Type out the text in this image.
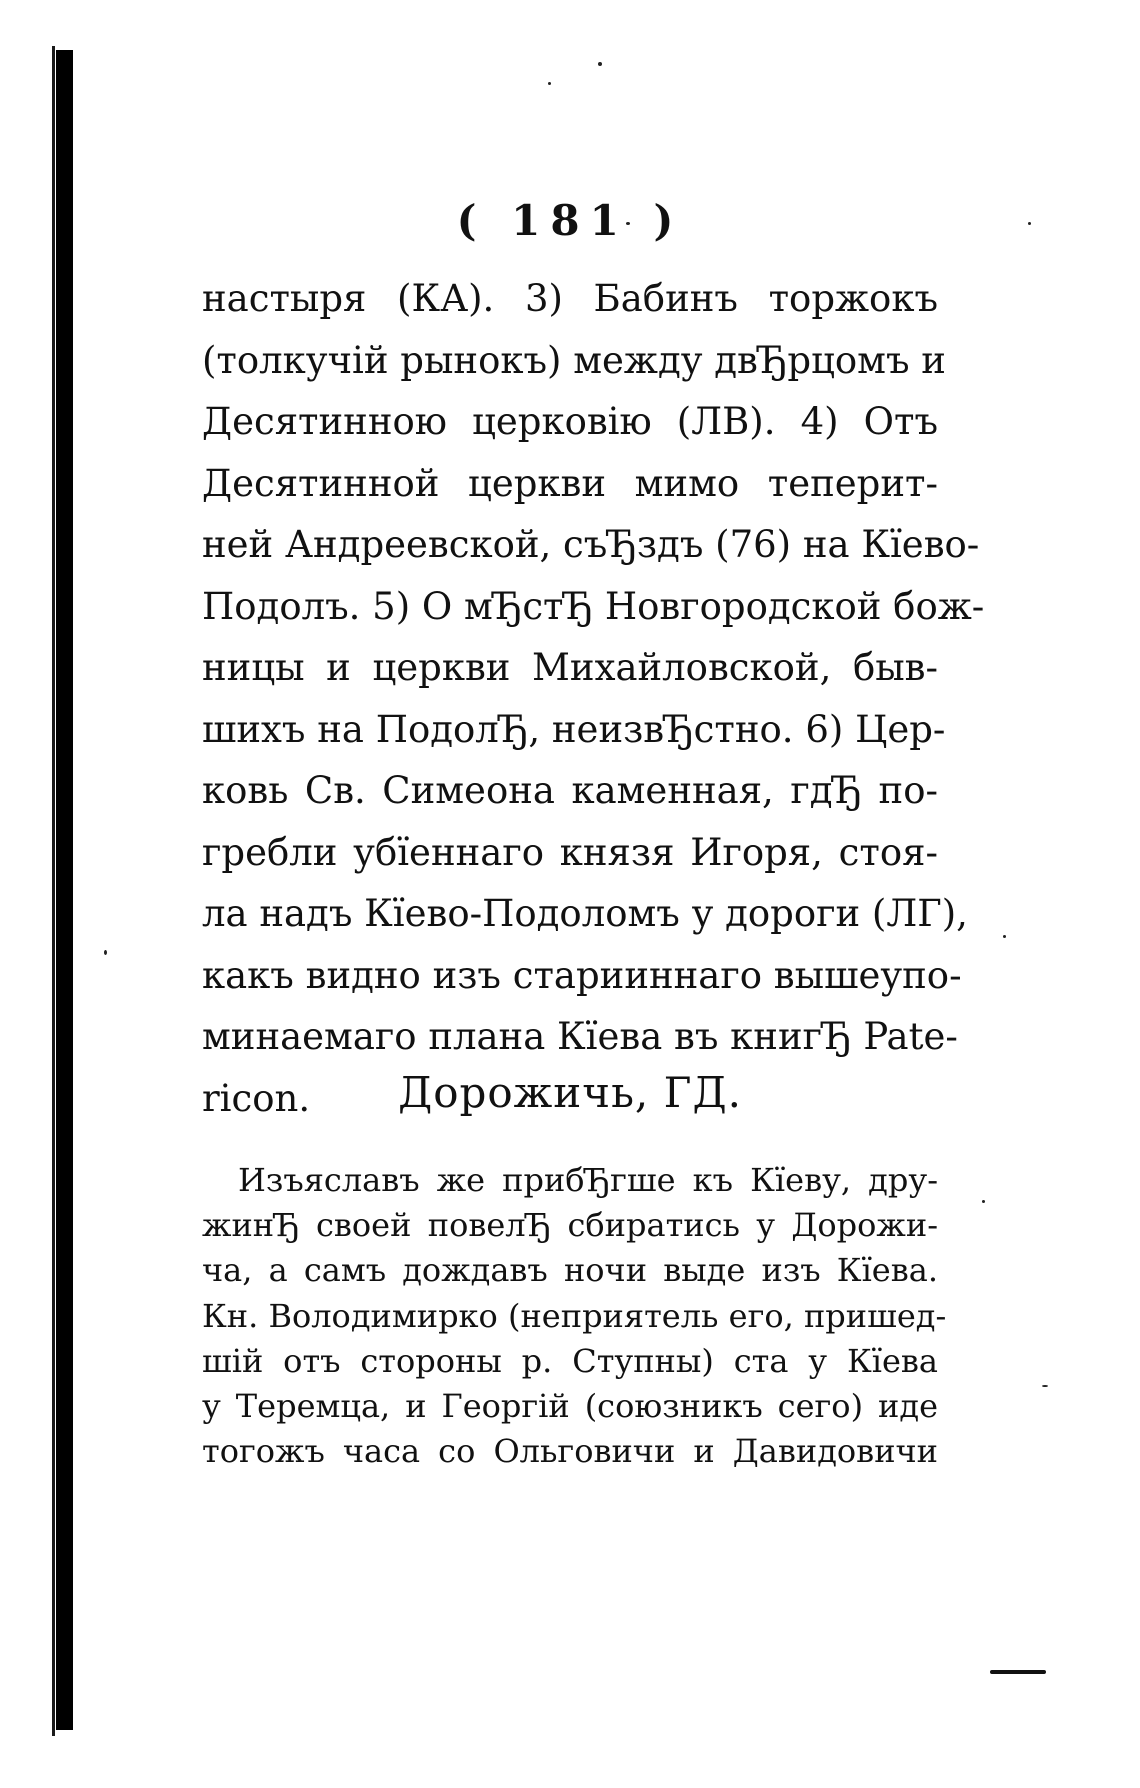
( 181 )
настыря (КА). 3) Бабинъ торжокъ
(толкучій рынокъ) между двЂрцомъ и
Десятинною церковію (ЛВ). 4) Отъ
Десятинной церкви мимо теперит-
ней Андреевской, съЂздъ (76) на Кїево-
Подолъ. 5) О мЂстЂ Новгородской бож-
ницы и церкви Михайловской, быв-
шихъ на ПодолЂ, неизвЂстно. 6) Цер-
ковь Св. Симеона каменная, гдЂ по-
гребли убїеннаго князя Игоря, стоя-
ла надъ Кїево-Подоломъ у дороги (ЛГ),
какъ видно изъ старииннаго вышеупо-
минаемаго плана Кїева въ книгЂ Pate-
ricon.	Дорожичь, ГД.
Изъяславъ же прибЂгше къ Кїеву, дру-
жинЂ своей повелЂ сбиратись у Дорожи-
ча, а самъ дождавъ ночи выде изъ Кїева.
Кн. Володимирко (неприятель его, пришед-
шій отъ стороны р. Ступны) ста у Кїева
у Теремца, и Георгій (союзникъ сего) иде
тогожъ часа со Ольговичи и Давидовичи
